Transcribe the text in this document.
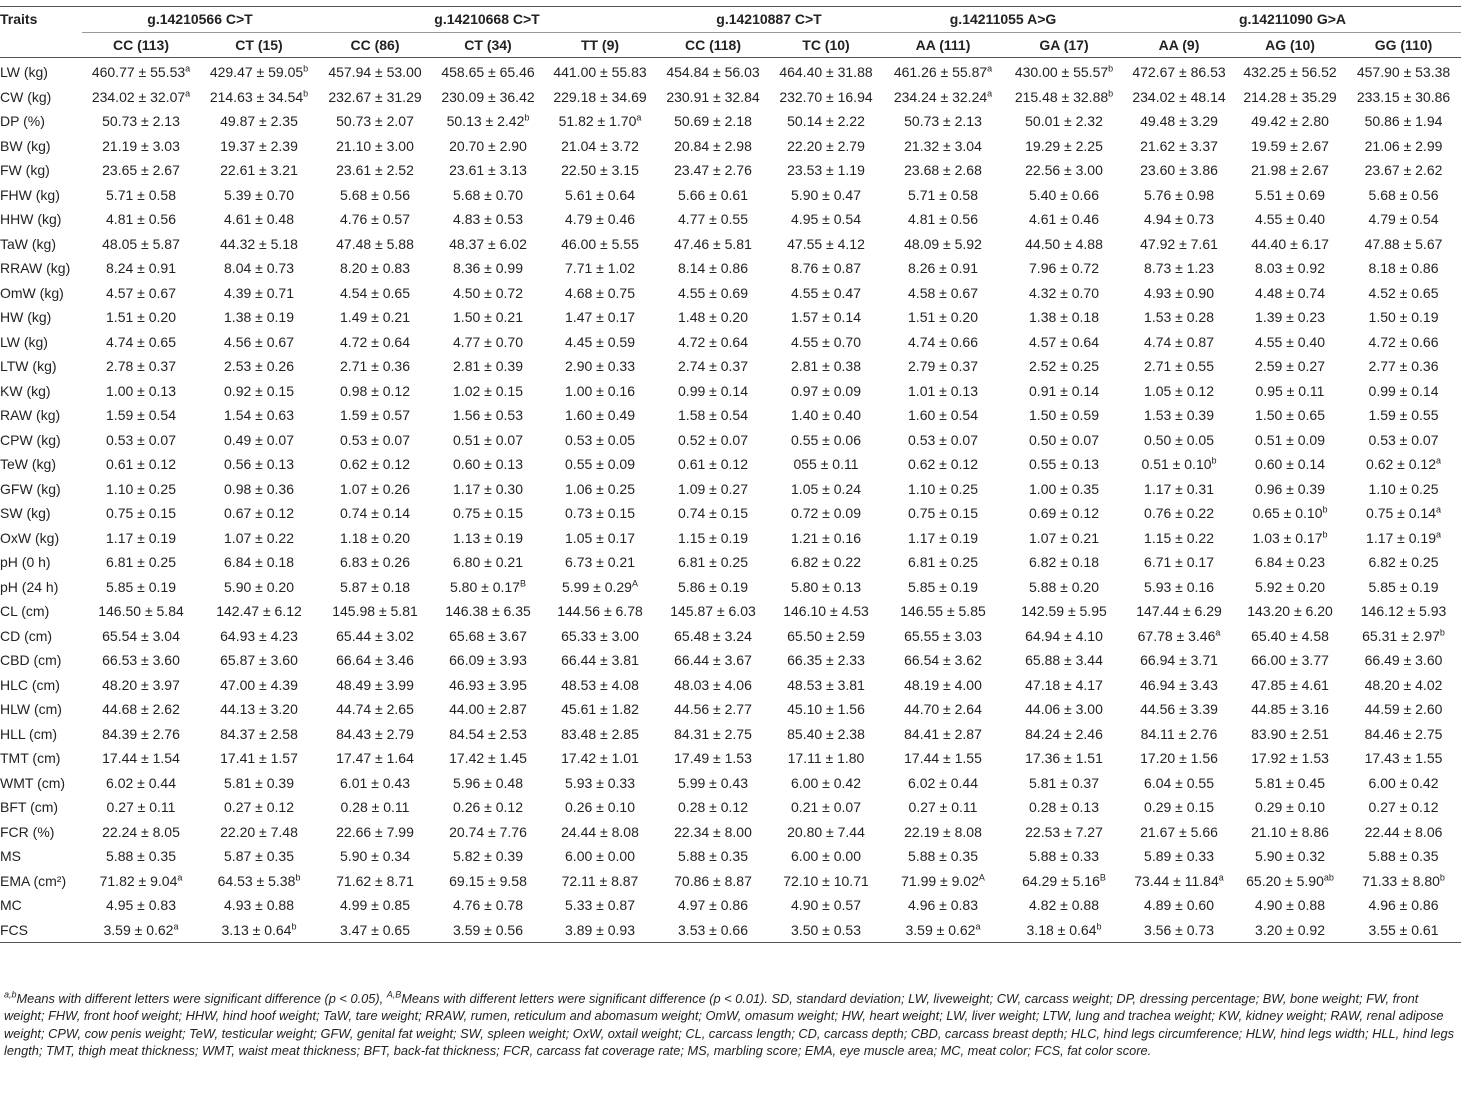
Traits	g.14210566 C>T		g.14210668 C>T			g.14210887 C>T		g.14211055 A>G		g.14211090 G>A		
	CC (113)	CT (15)	CC (86)	CT (34)	TT (9)	CC (118)	TC (10)	AA (111)	GA (17)	AA (9)	AG (10)	GG (110)
LW (kg)	460.77 ± 55.53$^a$	429.47 ± 59.05$^b$	457.94 ± 53.00	458.65 ± 65.46	441.00 ± 55.83	454.84 ± 56.03	464.40 ± 31.88	461.26 ± 55.87$^a$	430.00 ± 55.57$^b$	472.67 ± 86.53	432.25 ± 56.52	457.90 ± 53.38
CW (kg)	234.02 ± 32.07$^a$	214.63 ± 34.54$^b$	232.67 ± 31.29	230.09 ± 36.42	229.18 ± 34.69	230.91 ± 32.84	232.70 ± 16.94	234.24 ± 32.24$^a$	215.48 ± 32.88$^b$	234.02 ± 48.14	214.28 ± 35.29	233.15 ± 30.86
DP (%)	50.73 ± 2.13	49.87 ± 2.35	50.73 ± 2.07	50.13 ± 2.42$^b$	51.82 ± 1.70$^a$	50.69 ± 2.18	50.14 ± 2.22	50.73 ± 2.13	50.01 ± 2.32	49.48 ± 3.29	49.42 ± 2.80	50.86 ± 1.94
BW (kg)	21.19 ± 3.03	19.37 ± 2.39	21.10 ± 3.00	20.70 ± 2.90	21.04 ± 3.72	20.84 ± 2.98	22.20 ± 2.79	21.32 ± 3.04	19.29 ± 2.25	21.62 ± 3.37	19.59 ± 2.67	21.06 ± 2.99
FW (kg)	23.65 ± 2.67	22.61 ± 3.21	23.61 ± 2.52	23.61 ± 3.13	22.50 ± 3.15	23.47 ± 2.76	23.53 ± 1.19	23.68 ± 2.68	22.56 ± 3.00	23.60 ± 3.86	21.98 ± 2.67	23.67 ± 2.62
FHW (kg)	5.71 ± 0.58	5.39 ± 0.70	5.68 ± 0.56	5.68 ± 0.70	5.61 ± 0.64	5.66 ± 0.61	5.90 ± 0.47	5.71 ± 0.58	5.40 ± 0.66	5.76 ± 0.98	5.51 ± 0.69	5.68 ± 0.56
HHW (kg)	4.81 ± 0.56	4.61 ± 0.48	4.76 ± 0.57	4.83 ± 0.53	4.79 ± 0.46	4.77 ± 0.55	4.95 ± 0.54	4.81 ± 0.56	4.61 ± 0.46	4.94 ± 0.73	4.55 ± 0.40	4.79 ± 0.54
TaW (kg)	48.05 ± 5.87	44.32 ± 5.18	47.48 ± 5.88	48.37 ± 6.02	46.00 ± 5.55	47.46 ± 5.81	47.55 ± 4.12	48.09 ± 5.92	44.50 ± 4.88	47.92 ± 7.61	44.40 ± 6.17	47.88 ± 5.67
RRAW (kg)	8.24 ± 0.91	8.04 ± 0.73	8.20 ± 0.83	8.36 ± 0.99	7.71 ± 1.02	8.14 ± 0.86	8.76 ± 0.87	8.26 ± 0.91	7.96 ± 0.72	8.73 ± 1.23	8.03 ± 0.92	8.18 ± 0.86
OmW (kg)	4.57 ± 0.67	4.39 ± 0.71	4.54 ± 0.65	4.50 ± 0.72	4.68 ± 0.75	4.55 ± 0.69	4.55 ± 0.47	4.58 ± 0.67	4.32 ± 0.70	4.93 ± 0.90	4.48 ± 0.74	4.52 ± 0.65
HW (kg)	1.51 ± 0.20	1.38 ± 0.19	1.49 ± 0.21	1.50 ± 0.21	1.47 ± 0.17	1.48 ± 0.20	1.57 ± 0.14	1.51 ± 0.20	1.38 ± 0.18	1.53 ± 0.28	1.39 ± 0.23	1.50 ± 0.19
LW (kg)	4.74 ± 0.65	4.56 ± 0.67	4.72 ± 0.64	4.77 ± 0.70	4.45 ± 0.59	4.72 ± 0.64	4.55 ± 0.70	4.74 ± 0.66	4.57 ± 0.64	4.74 ± 0.87	4.55 ± 0.40	4.72 ± 0.66
LTW (kg)	2.78 ± 0.37	2.53 ± 0.26	2.71 ± 0.36	2.81 ± 0.39	2.90 ± 0.33	2.74 ± 0.37	2.81 ± 0.38	2.79 ± 0.37	2.52 ± 0.25	2.71 ± 0.55	2.59 ± 0.27	2.77 ± 0.36
KW (kg)	1.00 ± 0.13	0.92 ± 0.15	0.98 ± 0.12	1.02 ± 0.15	1.00 ± 0.16	0.99 ± 0.14	0.97 ± 0.09	1.01 ± 0.13	0.91 ± 0.14	1.05 ± 0.12	0.95 ± 0.11	0.99 ± 0.14
RAW (kg)	1.59 ± 0.54	1.54 ± 0.63	1.59 ± 0.57	1.56 ± 0.53	1.60 ± 0.49	1.58 ± 0.54	1.40 ± 0.40	1.60 ± 0.54	1.50 ± 0.59	1.53 ± 0.39	1.50 ± 0.65	1.59 ± 0.55
CPW (kg)	0.53 ± 0.07	0.49 ± 0.07	0.53 ± 0.07	0.51 ± 0.07	0.53 ± 0.05	0.52 ± 0.07	0.55 ± 0.06	0.53 ± 0.07	0.50 ± 0.07	0.50 ± 0.05	0.51 ± 0.09	0.53 ± 0.07
TeW (kg)	0.61 ± 0.12	0.56 ± 0.13	0.62 ± 0.12	0.60 ± 0.13	0.55 ± 0.09	0.61 ± 0.12	055 ± 0.11	0.62 ± 0.12	0.55 ± 0.13	0.51 ± 0.10$^b$	0.60 ± 0.14	0.62 ± 0.12$^a$
GFW (kg)	1.10 ± 0.25	0.98 ± 0.36	1.07 ± 0.26	1.17 ± 0.30	1.06 ± 0.25	1.09 ± 0.27	1.05 ± 0.24	1.10 ± 0.25	1.00 ± 0.35	1.17 ± 0.31	0.96 ± 0.39	1.10 ± 0.25
SW (kg)	0.75 ± 0.15	0.67 ± 0.12	0.74 ± 0.14	0.75 ± 0.15	0.73 ± 0.15	0.74 ± 0.15	0.72 ± 0.09	0.75 ± 0.15	0.69 ± 0.12	0.76 ± 0.22	0.65 ± 0.10$^b$	0.75 ± 0.14$^a$
OxW (kg)	1.17 ± 0.19	1.07 ± 0.22	1.18 ± 0.20	1.13 ± 0.19	1.05 ± 0.17	1.15 ± 0.19	1.21 ± 0.16	1.17 ± 0.19	1.07 ± 0.21	1.15 ± 0.22	1.03 ± 0.17$^b$	1.17 ± 0.19$^a$
pH (0 h)	6.81 ± 0.25	6.84 ± 0.18	6.83 ± 0.26	6.80 ± 0.21	6.73 ± 0.21	6.81 ± 0.25	6.82 ± 0.22	6.81 ± 0.25	6.82 ± 0.18	6.71 ± 0.17	6.84 ± 0.23	6.82 ± 0.25
pH (24 h)	5.85 ± 0.19	5.90 ± 0.20	5.87 ± 0.18	$5.80 \pm 0.17^B$	$5.99 \pm 0.29^A$	5.86 ± 0.19	5.80 ± 0.13	5.85 ± 0.19	5.88 ± 0.20	5.93 ± 0.16	5.92 ± 0.20	5.85 ± 0.19
CL (cm)	146.50 ± 5.84	142.47 ± 6.12	145.98 ± 5.81	146.38 ± 6.35	144.56 ± 6.78	145.87 ± 6.03	146.10 ± 4.53	146.55 ± 5.85	142.59 ± 5.95	147.44 ± 6.29	143.20 ± 6.20	146.12 ± 5.93
CD (cm)	65.54 ± 3.04	64.93 ± 4.23	65.44 ± 3.02	65.68 ± 3.67	65.33 ± 3.00	65.48 ± 3.24	65.50 ± 2.59	65.55 ± 3.03	64.94 ± 4.10	67.78 ± 3.46$^a$	65.40 ± 4.58	65.31 ± 2.97$^b$
CBD (cm)	66.53 ± 3.60	65.87 ± 3.60	66.64 ± 3.46	66.09 ± 3.93	66.44 ± 3.81	66.44 ± 3.67	66.35 ± 2.33	66.54 ± 3.62	65.88 ± 3.44	66.94 ± 3.71	66.00 ± 3.77	66.49 ± 3.60
HLC (cm)	48.20 ± 3.97	47.00 ± 4.39	48.49 ± 3.99	46.93 ± 3.95	48.53 ± 4.08	48.03 ± 4.06	48.53 ± 3.81	48.19 ± 4.00	47.18 ± 4.17	46.94 ± 3.43	47.85 ± 4.61	48.20 ± 4.02
HLW (cm)	44.68 ± 2.62	44.13 ± 3.20	44.74 ± 2.65	44.00 ± 2.87	45.61 ± 1.82	44.56 ± 2.77	45.10 ± 1.56	44.70 ± 2.64	44.06 ± 3.00	44.56 ± 3.39	44.85 ± 3.16	44.59 ± 2.60
HLL (cm)	84.39 ± 2.76	84.37 ± 2.58	84.43 ± 2.79	84.54 ± 2.53	83.48 ± 2.85	84.31 ± 2.75	85.40 ± 2.38	84.41 ± 2.87	84.24 ± 2.46	84.11 ± 2.76	83.90 ± 2.51	84.46 ± 2.75
TMT (cm)	17.44 ± 1.54	17.41 ± 1.57	17.47 ± 1.64	17.42 ± 1.45	17.42 ± 1.01	17.49 ± 1.53	17.11 ± 1.80	17.44 ± 1.55	17.36 ± 1.51	17.20 ± 1.56	17.92 ± 1.53	17.43 ± 1.55
WMT (cm)	6.02 ± 0.44	5.81 ± 0.39	6.01 ± 0.43	5.96 ± 0.48	5.93 ± 0.33	5.99 ± 0.43	6.00 ± 0.42	6.02 ± 0.44	5.81 ± 0.37	6.04 ± 0.55	5.81 ± 0.45	6.00 ± 0.42
BFT (cm)	0.27 ± 0.11	0.27 ± 0.12	0.28 ± 0.11	0.26 ± 0.12	0.26 ± 0.10	0.28 ± 0.12	0.21 ± 0.07	0.27 ± 0.11	0.28 ± 0.13	0.29 ± 0.15	0.29 ± 0.10	0.27 ± 0.12
FCR (%)	22.24 ± 8.05	22.20 ± 7.48	22.66 ± 7.99	20.74 ± 7.76	24.44 ± 8.08	22.34 ± 8.00	20.80 ± 7.44	22.19 ± 8.08	22.53 ± 7.27	21.67 ± 5.66	21.10 ± 8.86	22.44 ± 8.06
MS	5.88 ± 0.35	5.87 ± 0.35	5.90 ± 0.34	5.82 ± 0.39	6.00 ± 0.00	5.88 ± 0.35	6.00 ± 0.00	5.88 ± 0.35	5.88 ± 0.33	5.89 ± 0.33	5.90 ± 0.32	5.88 ± 0.35
EMA (cm²)	71.82 ± 9.04$^a$	64.53 ± 5.38$^b$	71.62 ± 8.71	69.15 ± 9.58	72.11 ± 8.87	70.86 ± 8.87	72.10 ± 10.71	$71.99 \pm 9.02^A$	$64.29 \pm 5.16^B$	73.44 ± 11.84$^a$	65.20 ± 5.90$^{ab}$	71.33 ± 8.80$^b$
MC	4.95 ± 0.83	4.93 ± 0.88	4.99 ± 0.85	4.76 ± 0.78	5.33 ± 0.87	4.97 ± 0.86	4.90 ± 0.57	4.96 ± 0.83	4.82 ± 0.88	4.89 ± 0.60	4.90 ± 0.88	4.96 ± 0.86
FCS	3.59 ± 0.62$^a$	3.13 ± 0.64$^b$	3.47 ± 0.65	3.59 ± 0.56	3.89 ± 0.93	3.53 ± 0.66	3.50 ± 0.53	3.59 ± 0.62$^a$	3.18 ± 0.64$^b$	3.56 ± 0.73	3.20 ± 0.92	3.55 ± 0.61
$^{a,b}$Means with different letters were significant difference (p < 0.05), $^{A,B}$Means with different letters were significant difference (p < 0.01). SD, standard deviation; LW, liveweight; CW, carcass weight; DP, dressing percentage; BW, bone weight; FW, front weight; FHW, front hoof weight; HHW, hind hoof weight; TaW, tare weight; RRAW, rumen, reticulum and abomasum weight; OmW, omasum weight; HW, heart weight; LW, liver weight; LTW, lung and trachea weight; KW, kidney weight; RAW, renal adipose weight; CPW, cow penis weight; TeW, testicular weight; GFW, genital fat weight; SW, spleen weight; OxW, oxtail weight; CL, carcass length; CD, carcass depth; CBD, carcass breast depth; HLC, hind legs circumference; HLW, hind legs width; HLL, hind legs length; TMT, thigh meat thickness; WMT, waist meat thickness; BFT, back-fat thickness; FCR, carcass fat coverage rate; MS, marbling score; EMA, eye muscle area; MC, meat color; FCS, fat color score.
